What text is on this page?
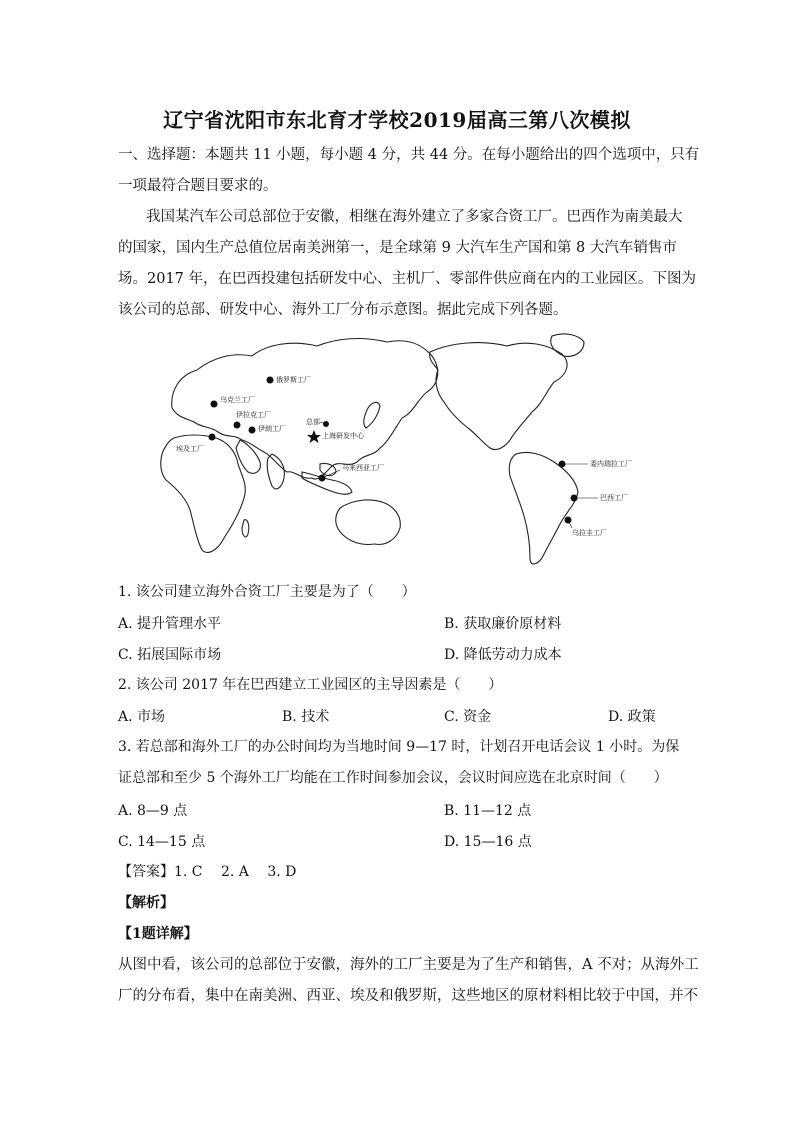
辽宁省沈阳市东北育才学校2019届高三第八次模拟
一、选择题：本题共 11 小题，每小题 4 分，共 44 分。在每小题给出的四个选项中，只有
一项最符合题目要求的。
我国某汽车公司总部位于安徽，相继在海外建立了多家合资工厂。巴西作为南美最大
的国家，国内生产总值位居南美洲第一，是全球第 9 大汽车生产国和第 8 大汽车销售市
场。2017 年，在巴西投建包括研发中心、主机厂、零部件供应商在内的工业园区。下图为
该公司的总部、研发中心、海外工厂分布示意图。据此完成下列各题。
俄罗斯工厂
乌克兰工厂
伊拉克工厂
伊朗工厂
埃及工厂
总部
上海研发中心
马来西亚工厂	委内瑞拉工厂
巴西工厂
乌拉圭工厂
1. 该公司建立海外合资工厂主要是为了（　　）
A. 提升管理水平	B. 获取廉价原材料
C. 拓展国际市场	D. 降低劳动力成本
2. 该公司 2017 年在巴西建立工业园区的主导因素是（　　）
A. 市场	B. 技术	C. 资金	D. 政策
3. 若总部和海外工厂的办公时间均为当地时间 9—17 时，计划召开电话会议 1 小时。为保
证总部和至少 5 个海外工厂均能在工作时间参加会议，会议时间应选在北京时间（　　）
A. 8—9 点	B. 11—12 点
C. 14—15 点	D. 15—16 点
【答案】1. C　 2. A　 3. D
【解析】
【1题详解】
从图中看，该公司的总部位于安徽，海外的工厂主要是为了生产和销售，A 不对；从海外工
厂的分布看，集中在南美洲、西亚、埃及和俄罗斯，这些地区的原材料相比较于中国，并不
